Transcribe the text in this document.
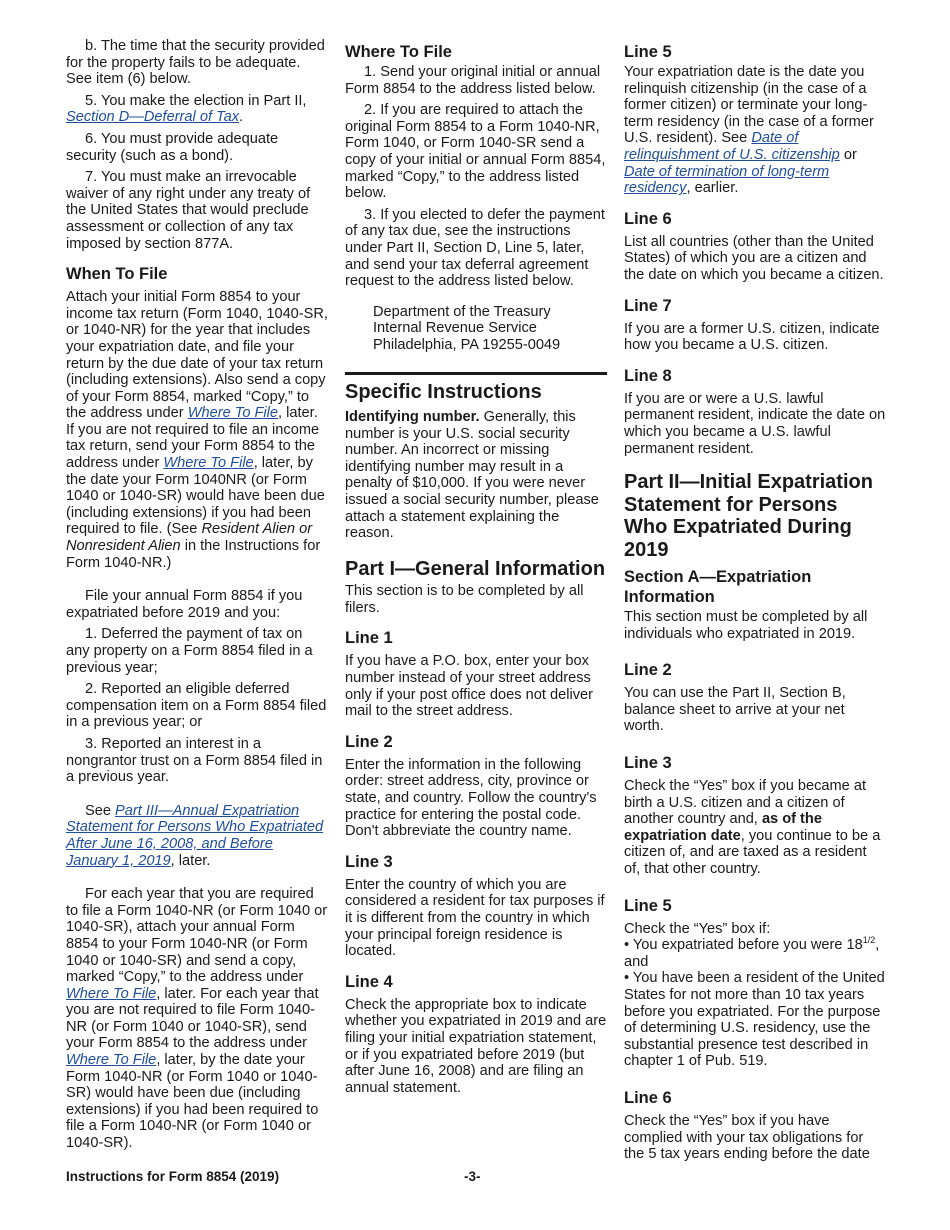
b. The time that the security provided for the property fails to be adequate. See item (6) below.

5. You make the election in Part II, Section D—Deferral of Tax.

6. You must provide adequate security (such as a bond).

7. You must make an irrevocable waiver of any right under any treaty of the United States that would preclude assessment or collection of any tax imposed by section 877A.

When To File

Attach your initial Form 8854 to your income tax return (Form 1040, 1040-SR, or 1040-NR) for the year that includes your expatriation date, and file your return by the due date of your tax return (including extensions). Also send a copy of your Form 8854, marked “Copy,” to the address under Where To File, later. If you are not required to file an income tax return, send your Form 8854 to the address under Where To File, later, by the date your Form 1040NR (or Form 1040 or 1040-SR) would have been due (including extensions) if you had been required to file. (See Resident Alien or Nonresident Alien in the Instructions for Form 1040-NR.)

File your annual Form 8854 if you expatriated before 2019 and you:

1. Deferred the payment of tax on any property on a Form 8854 filed in a previous year;

2. Reported an eligible deferred compensation item on a Form 8854 filed in a previous year; or

3. Reported an interest in a nongrantor trust on a Form 8854 filed in a previous year.

See Part III—Annual Expatriation Statement for Persons Who Expatriated After June 16, 2008, and Before January 1, 2019, later.

For each year that you are required to file a Form 1040-NR (or Form 1040 or 1040-SR), attach your annual Form 8854 to your Form 1040-NR (or Form 1040 or 1040-SR) and send a copy, marked “Copy,” to the address under Where To File, later. For each year that you are not required to file Form 1040-NR (or Form 1040 or 1040-SR), send your Form 8854 to the address under Where To File, later, by the date your Form 1040-NR (or Form 1040 or 1040-SR) would have been due (including extensions) if you had been required to file a Form 1040-NR (or Form 1040 or 1040-SR).

Where To File

1. Send your original initial or annual Form 8854 to the address listed below.

2. If you are required to attach the original Form 8854 to a Form 1040-NR, Form 1040, or Form 1040-SR send a copy of your initial or annual Form 8854, marked “Copy,” to the address listed below.

3. If you elected to defer the payment of any tax due, see the instructions under Part II, Section D, Line 5, later, and send your tax deferral agreement request to the address listed below.

Department of the Treasury
Internal Revenue Service
Philadelphia, PA 19255-0049
Specific Instructions

Identifying number. Generally, this number is your U.S. social security number. An incorrect or missing identifying number may result in a penalty of $10,000. If you were never issued a social security number, please attach a statement explaining the reason.

Part I—General Information

This section is to be completed by all filers.

Line 1

If you have a P.O. box, enter your box number instead of your street address only if your post office does not deliver mail to the street address.

Line 2

Enter the information in the following order: street address, city, province or state, and country. Follow the country's practice for entering the postal code. Don't abbreviate the country name.

Line 3

Enter the country of which you are considered a resident for tax purposes if it is different from the country in which your principal foreign residence is located.

Line 4

Check the appropriate box to indicate whether you expatriated in 2019 and are filing your initial expatriation statement, or if you expatriated before 2019 (but after June 16, 2008) and are filing an annual statement.

Line 5

Your expatriation date is the date you relinquish citizenship (in the case of a former citizen) or terminate your long-term residency (in the case of a former U.S. resident). See Date of relinquishment of U.S. citizenship or Date of termination of long-term residency, earlier.

Line 6

List all countries (other than the United States) of which you are a citizen and the date on which you became a citizen.

Line 7

If you are a former U.S. citizen, indicate how you became a U.S. citizen.

Line 8

If you are or were a U.S. lawful permanent resident, indicate the date on which you became a U.S. lawful permanent resident.

Part II—Initial Expatriation Statement for Persons Who Expatriated During 2019
Section A—Expatriation Information

This section must be completed by all individuals who expatriated in 2019.

Line 2

You can use the Part II, Section B, balance sheet to arrive at your net worth.

Line 3

Check the “Yes” box if you became at birth a U.S. citizen and a citizen of another country and, as of the expatriation date, you continue to be a citizen of, and are taxed as a resident of, that other country.

Line 5

Check the “Yes” box if:

• You expatriated before you were $18^{1/2}$, and

• You have been a resident of the United States for not more than 10 tax years before you expatriated. For the purpose of determining U.S. residency, use the substantial presence test described in chapter 1 of Pub. 519.

Line 6

Check the “Yes” box if you have complied with your tax obligations for the 5 tax years ending before the date

Instructions for Form 8854 (2019)	-3-
